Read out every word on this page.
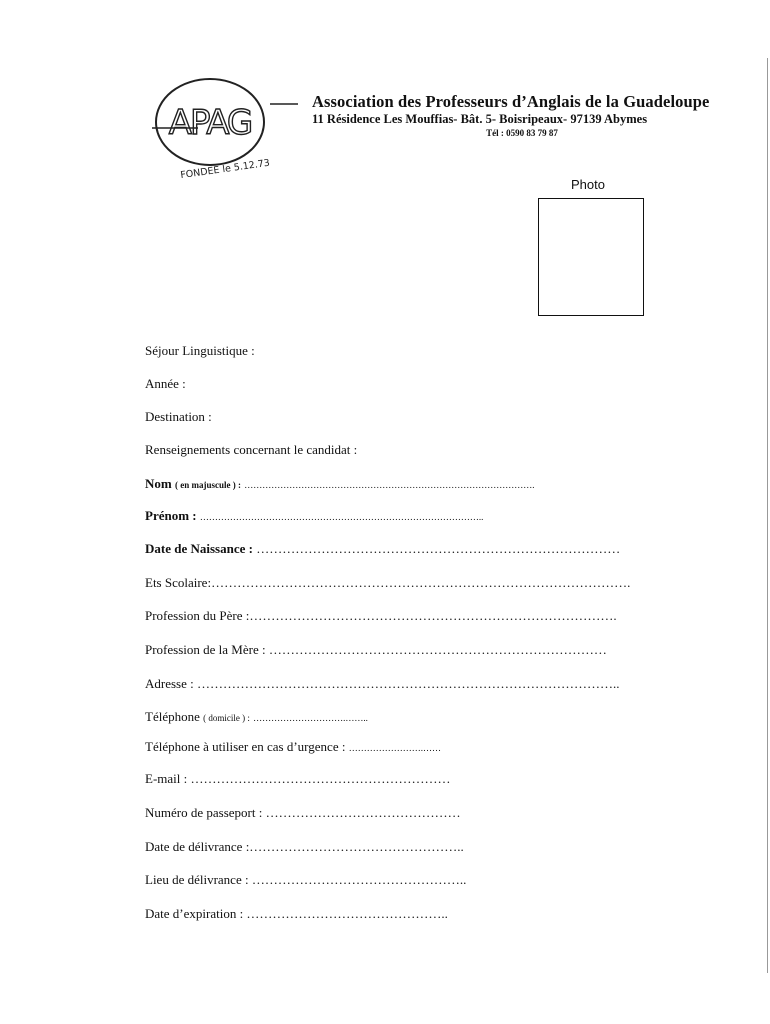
APAG
FONDEE le 5.12.73
Association des Professeurs d’Anglais de la Guadeloupe
11 Résidence Les Mouffias- Bât. 5- Boisripeaux- 97139 Abymes
Tél : 0590 83 79 87
Photo
Séjour Linguistique :
Année :
Destination :
Renseignements concernant le candidat :
Nom ( en majuscule ) : …………………………………………………………………………………….
Prénom : …………………………………………………………………………………..
Date de Naissance : …………………………………………………………………………
Ets Scolaire:…………………………………………………………………………………….
Profession du Père :………………………………………………………………………….
Profession de la Mère : ……………………………………………………………………
Adresse : ……………………………………………………………………………………..
Téléphone ( domicile ) : ………………………….……..
Téléphone à utiliser en cas d’urgence : …………………….……
E-mail : ……………………………………………………
Numéro de passeport : ………………………………………
Date de délivrance :…………………………………………..
Lieu de délivrance : …………………………………………..
Date d’expiration : ………………………………………..
